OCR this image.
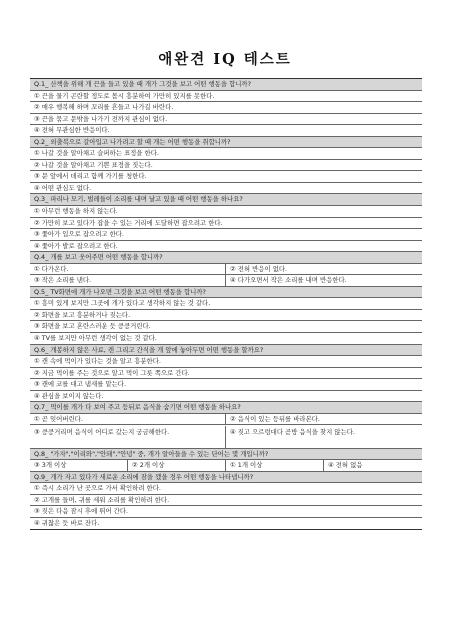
애완견 IQ 테스트
Q.1_ 산책을 위해 개 끈을 들고 있을 때 개가 그것을 보고 어떤 행동을 합니까?
① 끈을 물기 곤란할 정도로 몹시 흥분하여 가만히 있지를 못한다.
② 매우 행복해 하며 꼬리를 흔들고 나가길 바란다.
③ 끈을 묶고 문밖을 나가기 전까지 관심이 없다.
④ 전혀 무관심한 반응이다.
Q.2_ 외출복으로 갈아입고 나가려고 할 때 개는 어떤 행동을 취합니까?
① 나갈 것을 알아채고 슬퍼하는 표정을 한다.
② 나갈 것을 알아채고 기쁜 표정을 짓는다.
③ 문 앞에서 데리고 함께 가기를 청한다.
④ 어떤 관심도 없다.
Q.3_ 파리나 모기, 벌레들이 소리를 내며 날고 있을 때 어떤 행동을 하나요?
① 아무런 행동을 하지 않는다.
② 가만히 보고 있다가 잡을 수 있는 거리에 도달하면 잡으려고 한다.
③ 쫓아가 입으로 잡으려고 한다.
④ 쫓아가 발로 잡으려고 한다.
Q.4_ 개를 보고 웃어주면 어떤 행동을 합니까?
① 다가온다.	② 전혀 반응이 없다.
③ 작은 소리를 낸다.	④ 다가오면서 작은 소리를 내며 반응한다.
Q.5_ TV화면에 개가 나오면 그것을 보고 어떤 행동을 합니까?
① 흥미 있게 보지만 그곳에 개가 있다고 생각하지 않는 것 같다.
② 화면을 보고 흥분하거나 짖는다.
③ 화면을 보고 혼란스러운 듯 킁킁거린다.
④ TV를 보지만 아무런 생각이 없는 것 같다.
Q.6_ 개봉하지 않은 사료, 캔 그리고 간식을 개 앞에 놓아두면 어떤 행동을 할까요?
① 캔 속에 먹이가 있다는 것을 알고 흥분한다.
② 지금 먹이를 주는 것으로 알고 먹이 그릇 쪽으로 간다.
③ 캔에 코를 대고 냄새를 맡는다.
④ 관심을 보이지 않는다.
Q.7_ 먹이를 개가 다 보여 주고 등뒤로 음식을 숨기면 어떤 행동을 하나요?
① 곧 잊어버린다.	② 음식이 있는 등뒤를 바라본다.
③ 킁킁거리며 음식이 어디로 갔는지 궁금해한다.	④ 짖고 으르렁대다 곧방 음식을 찾지 않는다.
Q.8_ "가자","이리와","안돼","안녕" 중, 개가 알아들을 수 있는 단어는 몇 개입니까?
③ 3개 이상	② 2개 이상	① 1개 이상	④ 전혀 없음
Q.9_ 개가 자고 있다가 새로운 소리에 잠을 깼을 경우 어떤 행동을 나타냅니까?
① 즉시 소리가 난 곳으로 가서 확인하려 한다.
② 고개를 들며, 귀를 세워 소리를 확인하려 한다.
③ 짖은 다음 잠시 후에 뛰어 간다.
④ 귀찮은 듯 바로 잔다.
